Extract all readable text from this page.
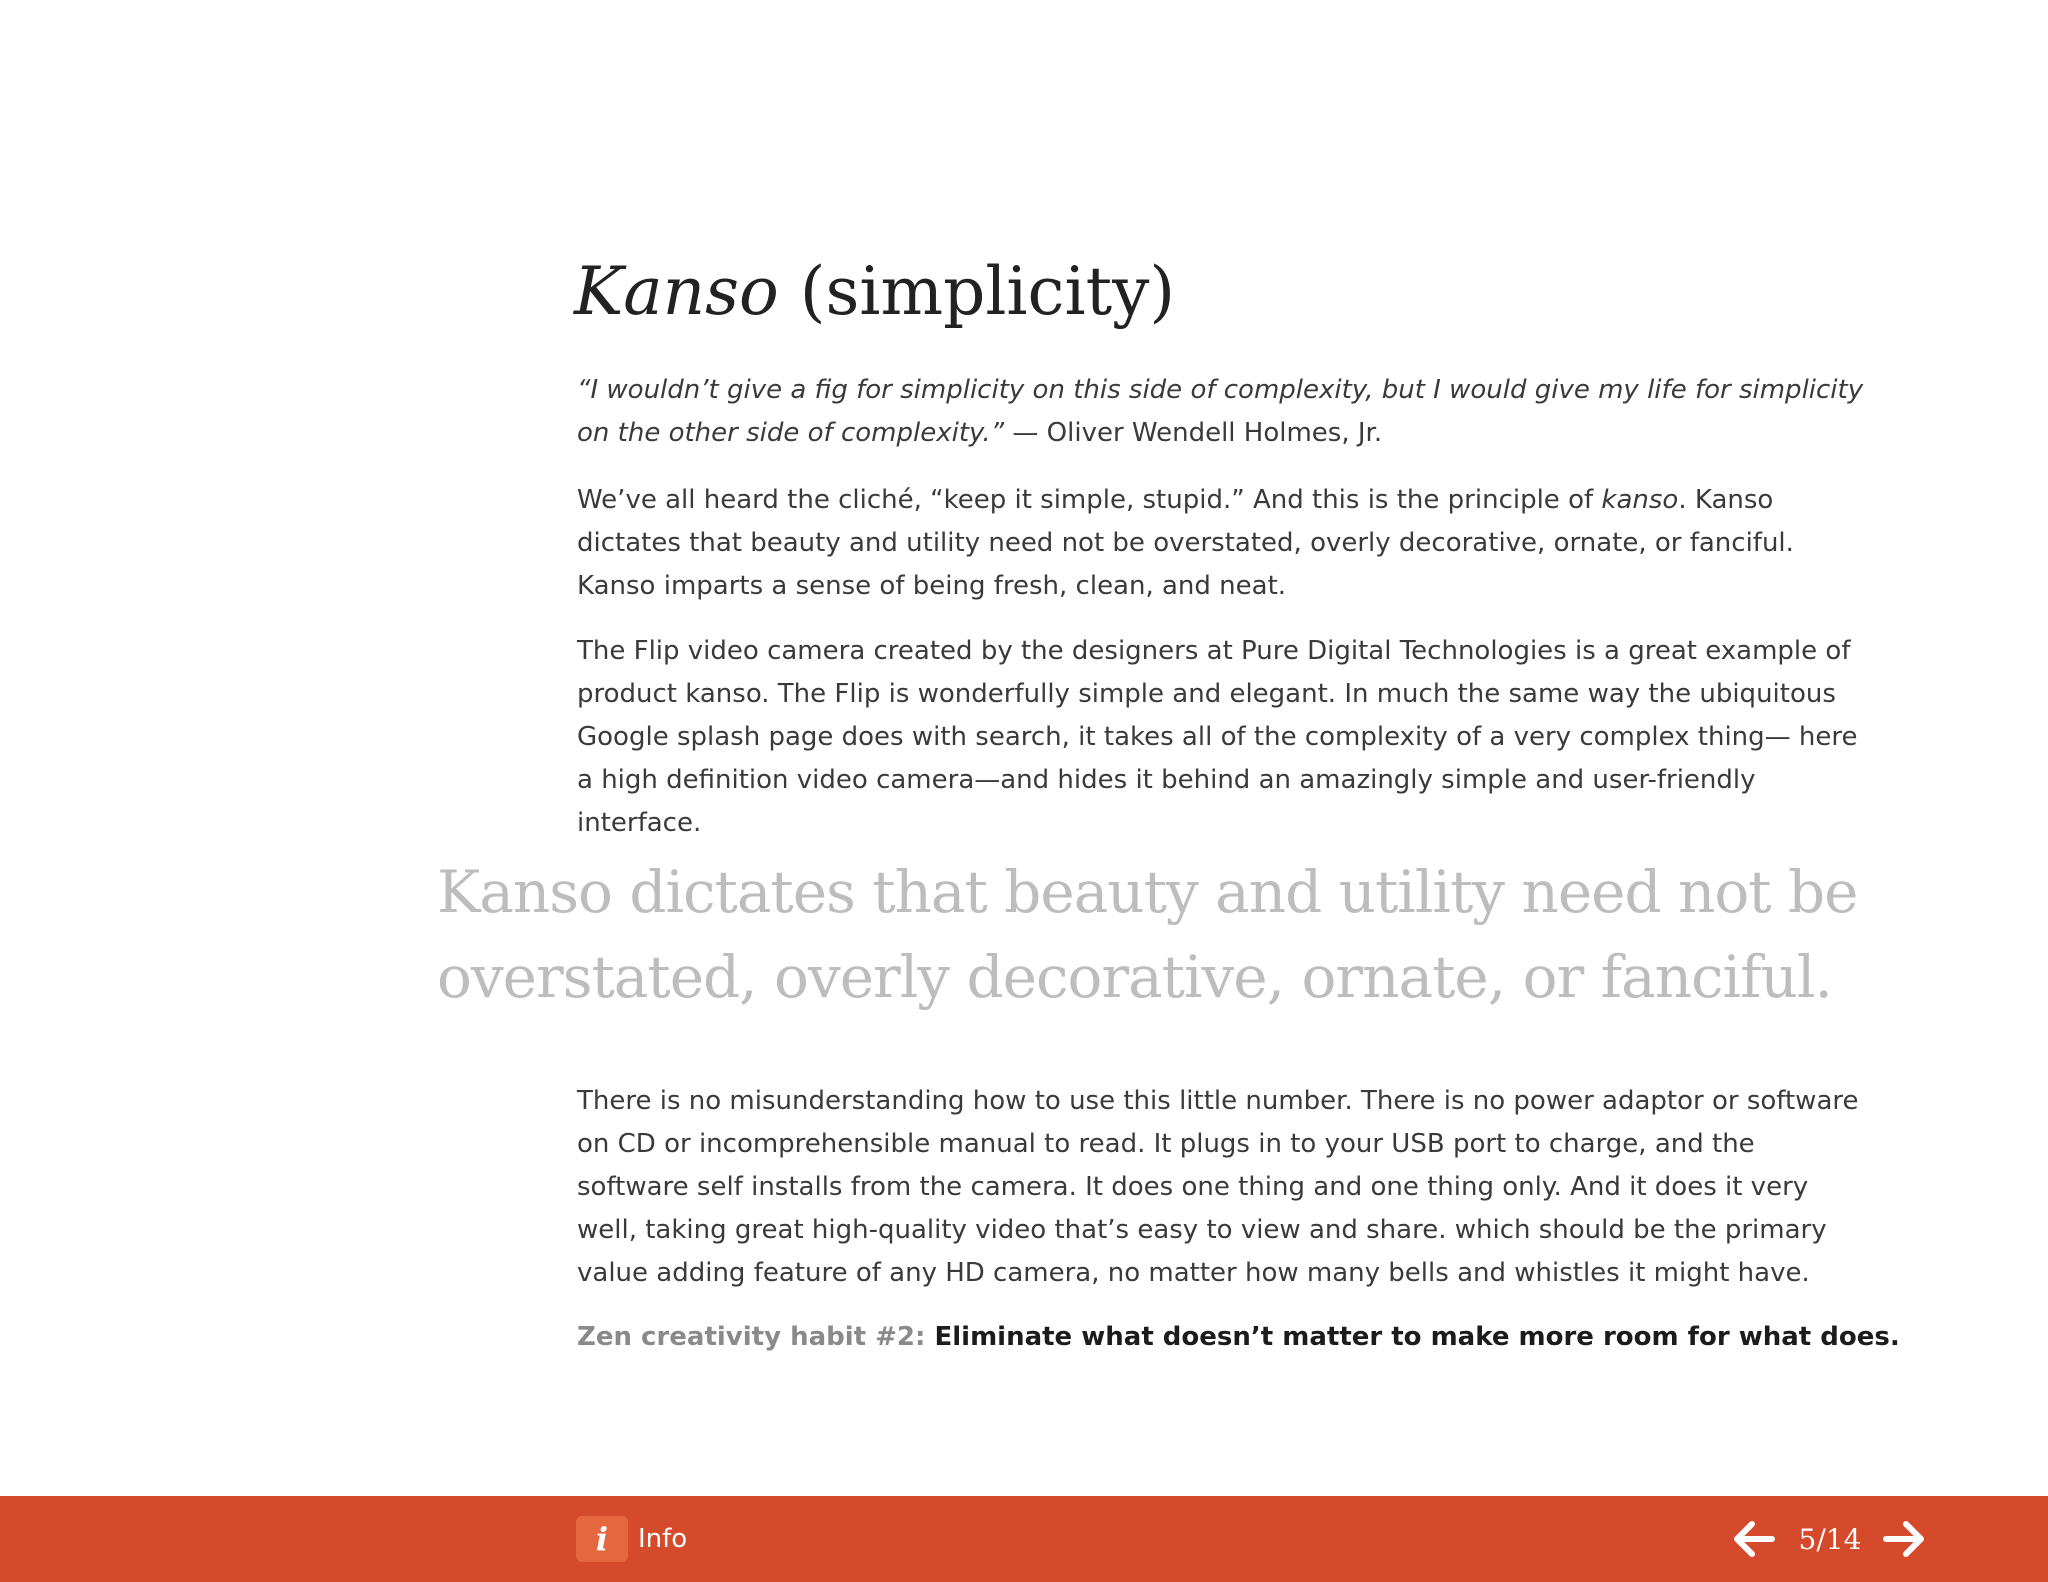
Kanso (simplicity)

“I wouldn’t give a fig for simplicity on this side of complexity, but I would give my life for simplicity on the other side of complexity.” — Oliver Wendell Holmes, Jr.

We’ve all heard the cliché, “keep it simple, stupid.” And this is the principle of kanso. Kanso dictates that beauty and utility need not be overstated, overly decorative, ornate, or fanciful. Kanso imparts a sense of being fresh, clean, and neat.

The Flip video camera created by the designers at Pure Digital Technologies is a great example of product kanso. The Flip is wonderfully simple and elegant. In much the same way the ubiquitous Google splash page does with search, it takes all of the complexity of a very complex thing— here a high definition video camera—and hides it behind an amazingly simple and user-friendly interface.

Kanso dictates that beauty and utility need not be overstated, overly decorative, ornate, or fanciful.

There is no misunderstanding how to use this little number. There is no power adaptor or software on CD or incomprehensible manual to read. It plugs in to your USB port to charge, and the software self installs from the camera. It does one thing and one thing only. And it does it very well, taking great high-quality video that’s easy to view and share. which should be the primary value adding feature of any HD camera, no matter how many bells and whistles it might have.

Zen creativity habit #2: Eliminate what doesn’t matter to make more room for what does.

i	Info	5/14
